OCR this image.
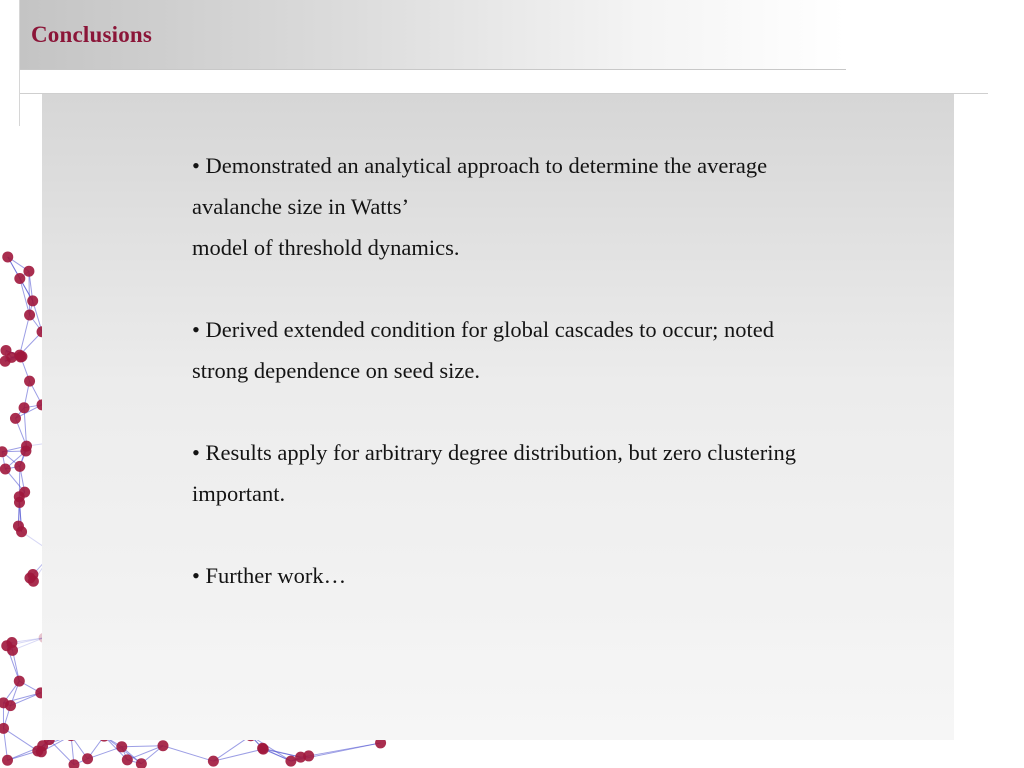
Conclusions
• Demonstrated an analytical approach to determine the average
avalanche size in Watts’
model of threshold dynamics.
• Derived extended condition for global cascades to occur; noted
strong dependence on seed size.
• Results apply for arbitrary degree distribution, but zero clustering
important.
• Further work…
